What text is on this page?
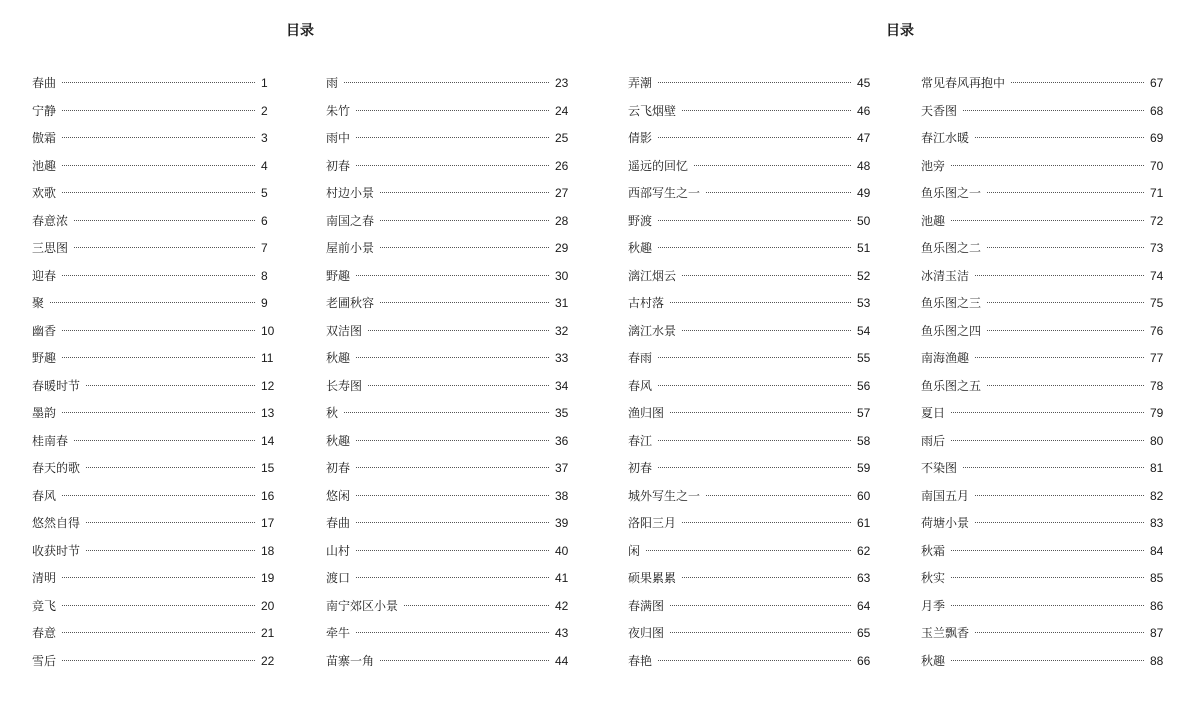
目录
春曲	1
宁静	2
傲霜	3
池趣	4
欢歌	5
春意浓	6
三思图	7
迎春	8
聚	9
幽香	10
野趣	11
春暖时节	12
墨韵	13
桂南春	14
春天的歌	15
春风	16
悠然自得	17
收获时节	18
清明	19
竞飞	20
春意	21
雪后	22
雨	23
朱竹	24
雨中	25
初春	26
村边小景	27
南国之春	28
屋前小景	29
野趣	30
老圃秋容	31
双洁图	32
秋趣	33
长寿图	34
秋	35
秋趣	36
初春	37
悠闲	38
春曲	39
山村	40
渡口	41
南宁郊区小景	42
牵牛	43
苗寨一角	44
目录
弄潮	45
云飞烟壁	46
倩影	47
遥远的回忆	48
西部写生之一	49
野渡	50
秋趣	51
漓江烟云	52
古村落	53
漓江水景	54
春雨	55
春风	56
渔归图	57
春江	58
初春	59
城外写生之一	60
洛阳三月	61
闲	62
硕果累累	63
春满图	64
夜归图	65
春艳	66
常见春风再抱中	67
天香图	68
春江水暖	69
池旁	70
鱼乐图之一	71
池趣	72
鱼乐图之二	73
冰清玉洁	74
鱼乐图之三	75
鱼乐图之四	76
南海渔趣	77
鱼乐图之五	78
夏日	79
雨后	80
不染图	81
南国五月	82
荷塘小景	83
秋霜	84
秋实	85
月季	86
玉兰飘香	87
秋趣	88
